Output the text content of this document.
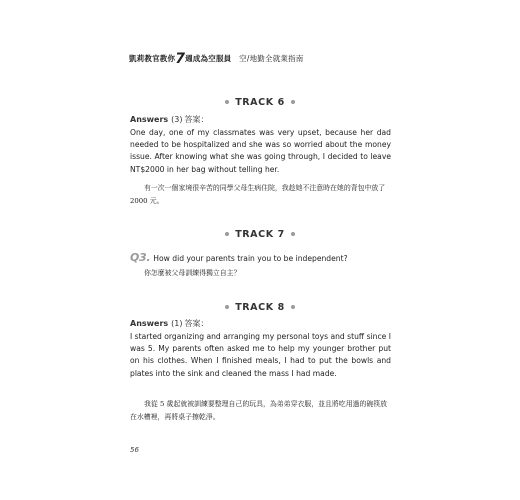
凱莉教官教你7週成為空服員 空/地勤全就業指南
TRACK 6
Answers (3) 答案：
One day, one of my classmates was very upset, because her dad needed to be hospitalized and she was so worried about the money issue. After knowing what she was going through, I decided to leave NT$2000 in her bag without telling her.
有一次一個家境很辛苦的同學父母生病住院，我趁她不注意時在她的背包中放了 2000 元。
TRACK 7
Q3. How did your parents train you to be independent?
你怎麼被父母訓練得獨立自主？
TRACK 8
Answers (1) 答案：
I started organizing and arranging my personal toys and stuff since I was 5. My parents often asked me to help my younger brother put on his clothes. When I finished meals, I had to put the bowls and plates into the sink and cleaned the mass I had made.
我從 5 歲起就被訓練要整理自己的玩具，為弟弟穿衣服，並且將吃用過的碗筷放在水槽裡，再將桌子擦乾淨。
56
